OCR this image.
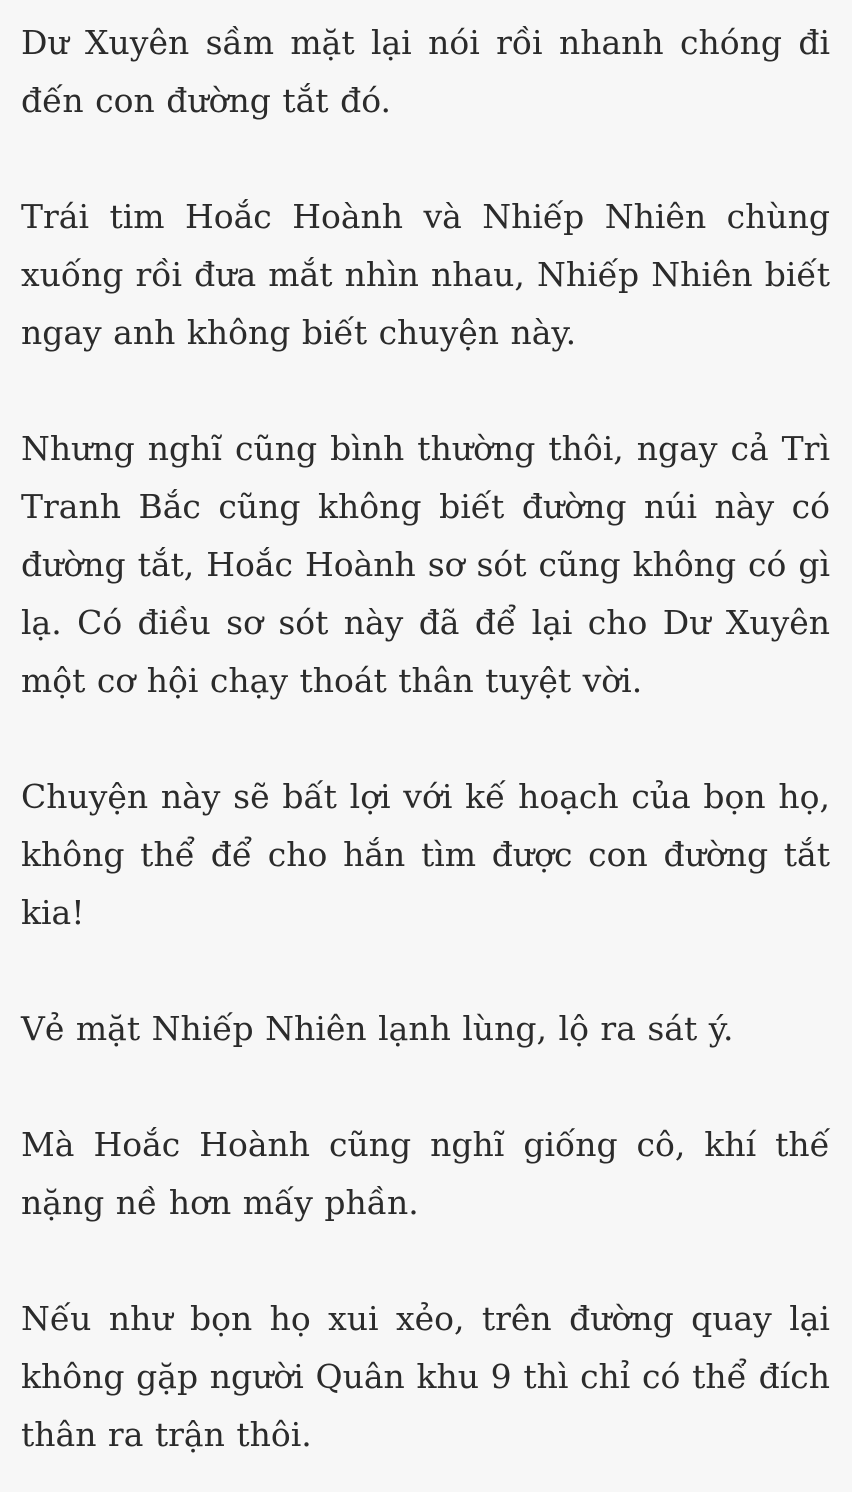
Dư Xuyên sầm mặt lại nói rồi nhanh chóng đi đến con đường tắt đó.

Trái tim Hoắc Hoành và Nhiếp Nhiên chùng xuống rồi đưa mắt nhìn nhau, Nhiếp Nhiên biết ngay anh không biết chuyện này.

Nhưng nghĩ cũng bình thường thôi, ngay cả Trì Tranh Bắc cũng không biết đường núi này có đường tắt, Hoắc Hoành sơ sót cũng không có gì lạ. Có điều sơ sót này đã để lại cho Dư Xuyên một cơ hội chạy thoát thân tuyệt vời.

Chuyện này sẽ bất lợi với kế hoạch của bọn họ, không thể để cho hắn tìm được con đường tắt kia!

Vẻ mặt Nhiếp Nhiên lạnh lùng, lộ ra sát ý.

Mà Hoắc Hoành cũng nghĩ giống cô, khí thế nặng nề hơn mấy phần.

Nếu như bọn họ xui xẻo, trên đường quay lại không gặp người Quân khu 9 thì chỉ có thể đích thân ra trận thôi.
